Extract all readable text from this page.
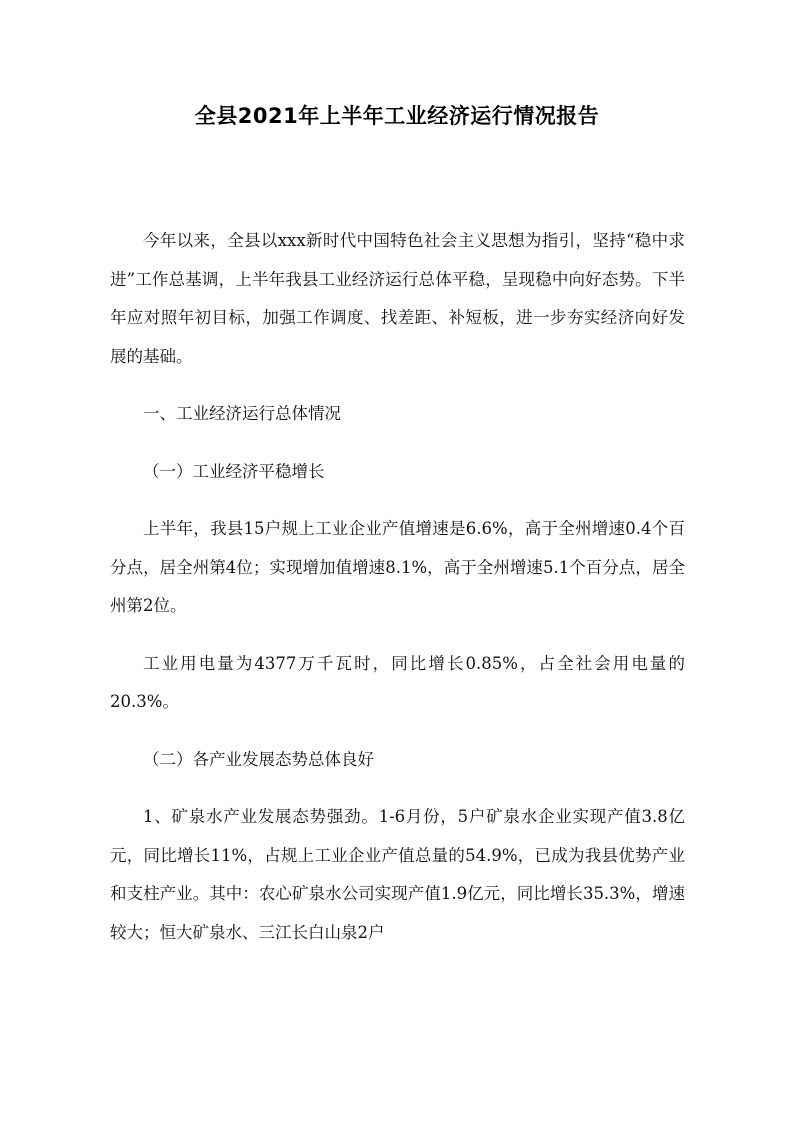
全县2021年上半年工业经济运行情况报告

今年以来，全县以xxx新时代中国特色社会主义思想为指引，坚持“稳中求进”工作总基调，上半年我县工业经济运行总体平稳，呈现稳中向好态势。下半年应对照年初目标，加强工作调度、找差距、补短板，进一步夯实经济向好发展的基础。

一、工业经济运行总体情况

（一）工业经济平稳增长

上半年，我县15户规上工业企业产值增速是6.6%，高于全州增速0.4个百分点，居全州第4位；实现增加值增速8.1%，高于全州增速5.1个百分点，居全州第2位。

工业用电量为4377万千瓦时，同比增长0.85%，占全社会用电量的20.3%。

（二）各产业发展态势总体良好

1、矿泉水产业发展态势强劲。1-6月份，5户矿泉水企业实现产值3.8亿元，同比增长11%，占规上工业企业产值总量的54.9%，已成为我县优势产业和支柱产业。其中：农心矿泉水公司实现产值1.9亿元，同比增长35.3%，增速较大；恒大矿泉水、三江长白山泉2户
